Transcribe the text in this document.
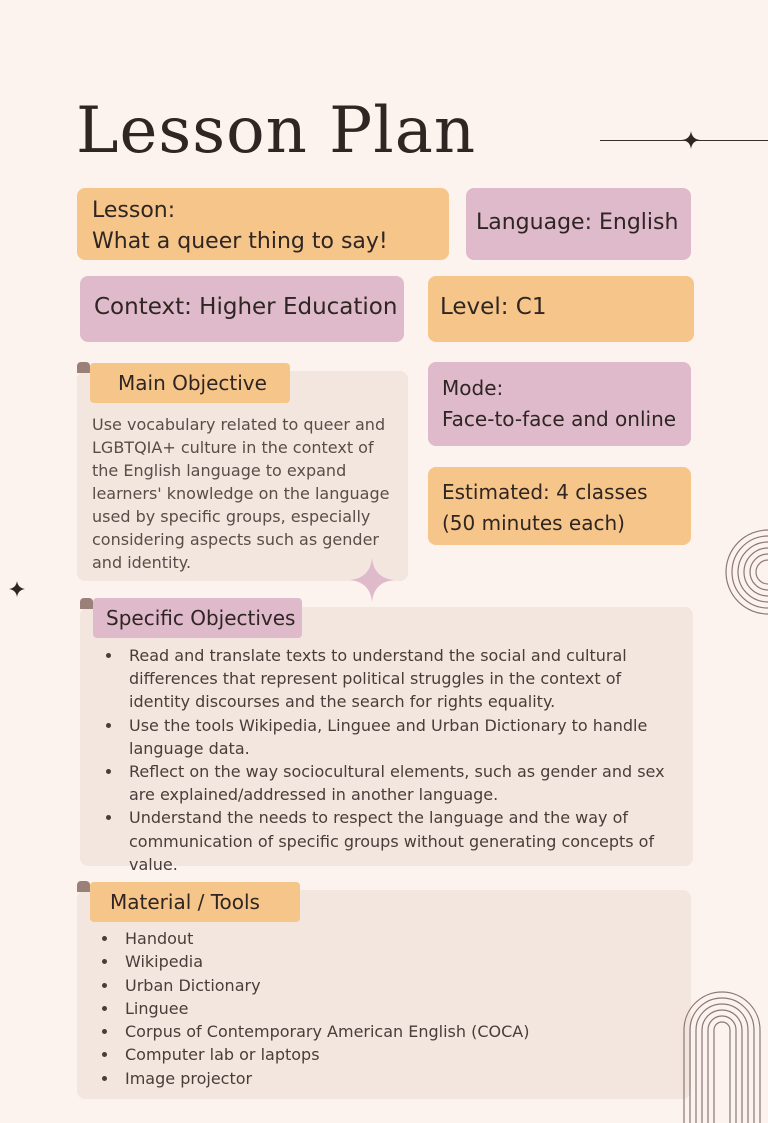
Lesson Plan
Lesson:
What a queer thing to say!
Language: English
Context: Higher Education Level: C1
Main Objective
Use vocabulary related to queer and LGBTQIA+ culture in the context of the English language to expand learners' knowledge on the language used by specific groups, especially considering aspects such as gender and identity.
Mode:
Face-to-face and online
Estimated: 4 classes
(50 minutes each)
Specific Objectives
• Read and translate texts to understand the social and cultural differences that represent political struggles in the context of identity discourses and the search for rights equality.
• Use the tools Wikipedia, Linguee and Urban Dictionary to handle language data.
• Reflect on the way sociocultural elements, such as gender and sex are explained/addressed in another language.
• Understand the needs to respect the language and the way of communication of specific groups without generating concepts of value.
Material / Tools
• Handout
• Wikipedia
• Urban Dictionary
• Linguee
• Corpus of Contemporary American English (COCA)
• Computer lab or laptops
• Image projector
